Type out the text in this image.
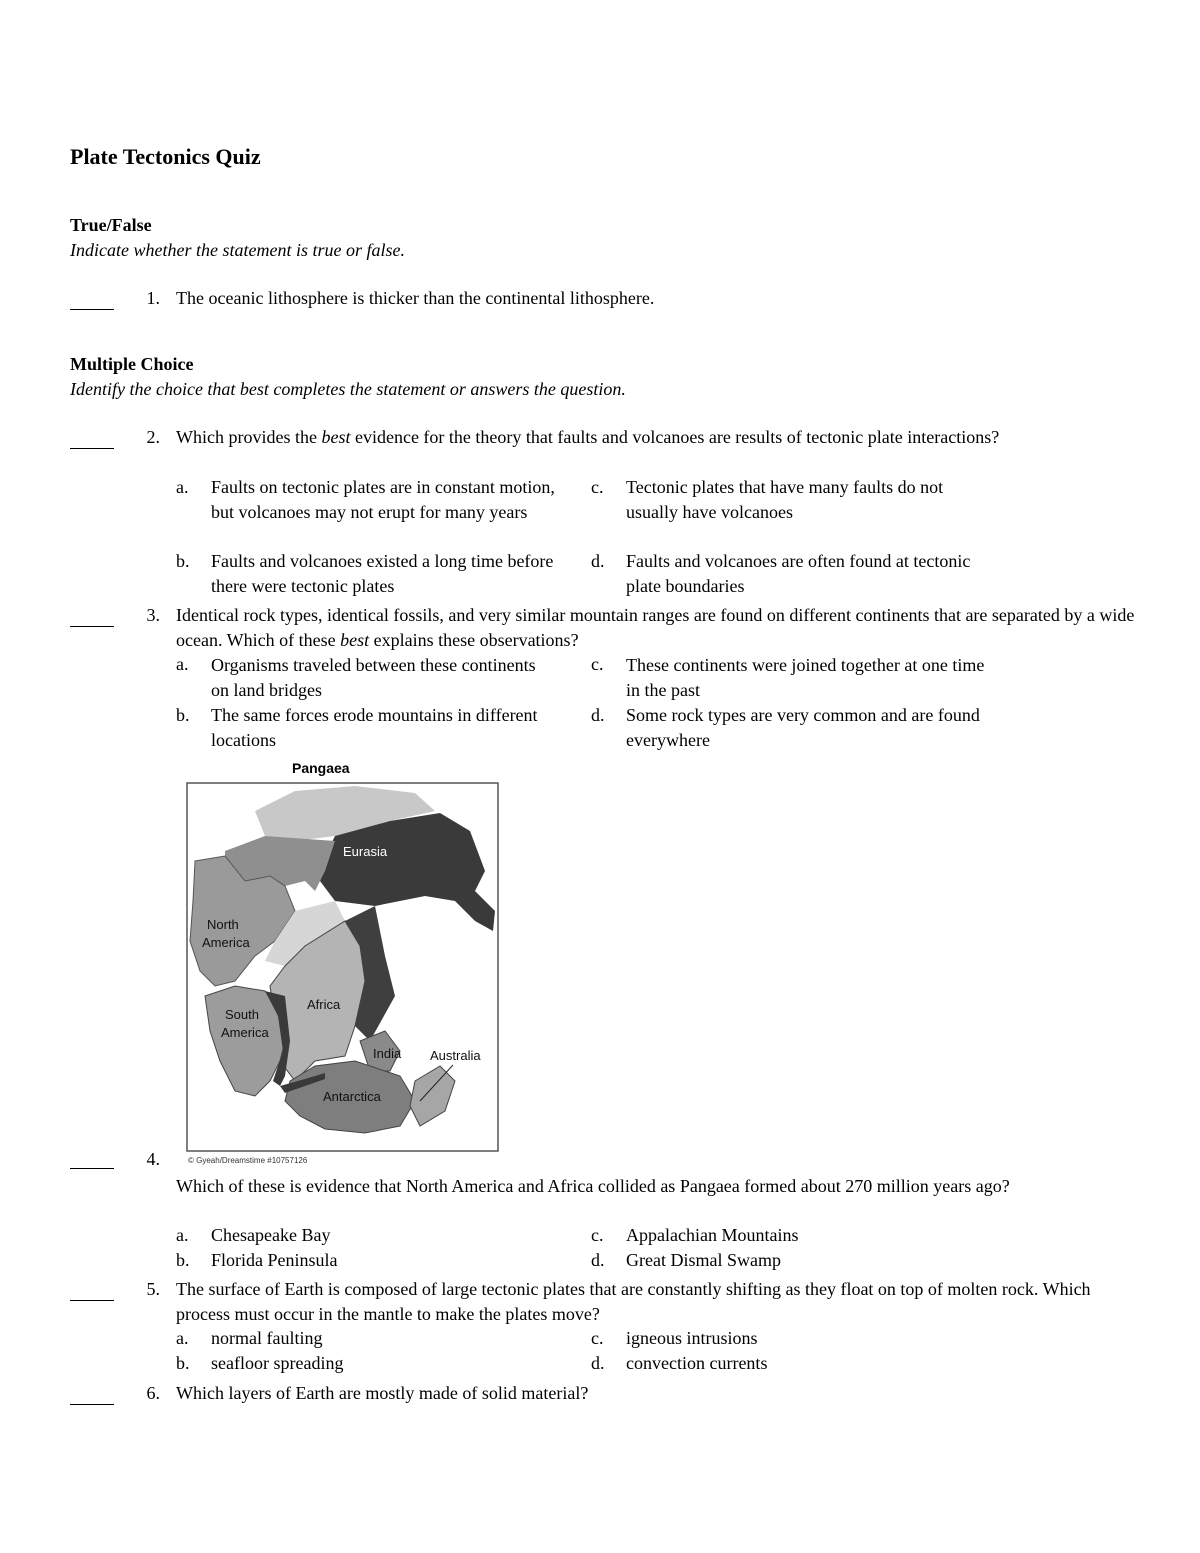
Plate Tectonics Quiz
True/False
Indicate whether the statement is true or false.
1. The oceanic lithosphere is thicker than the continental lithosphere.
Multiple Choice
Identify the choice that best completes the statement or answers the question.
2. Which provides the best evidence for the theory that faults and volcanoes are results of tectonic plate interactions?
a. Faults on tectonic plates are in constant motion, but volcanoes may not erupt for many years
b. Faults and volcanoes existed a long time before there were tectonic plates
c. Tectonic plates that have many faults do not usually have volcanoes
d. Faults and volcanoes are often found at tectonic plate boundaries
3. Identical rock types, identical fossils, and very similar mountain ranges are found on different continents that are separated by a wide ocean. Which of these best explains these observations?
a. Organisms traveled between these continents on land bridges
b. The same forces erode mountains in different locations
c. These continents were joined together at one time in the past
d. Some rock types are very common and are found everywhere
Pangaea
Eurasia
North
America
Africa
South
America
India Australia
Antarctica
© Gyeah/Dreamstime #10757126
4.
Which of these is evidence that North America and Africa collided as Pangaea formed about 270 million years ago?
a. Chesapeake Bay
b. Florida Peninsula
c. Appalachian Mountains
d. Great Dismal Swamp
5. The surface of Earth is composed of large tectonic plates that are constantly shifting as they float on top of molten rock. Which process must occur in the mantle to make the plates move?
a. normal faulting
b. seafloor spreading
c. igneous intrusions
d. convection currents
6. Which layers of Earth are mostly made of solid material?
